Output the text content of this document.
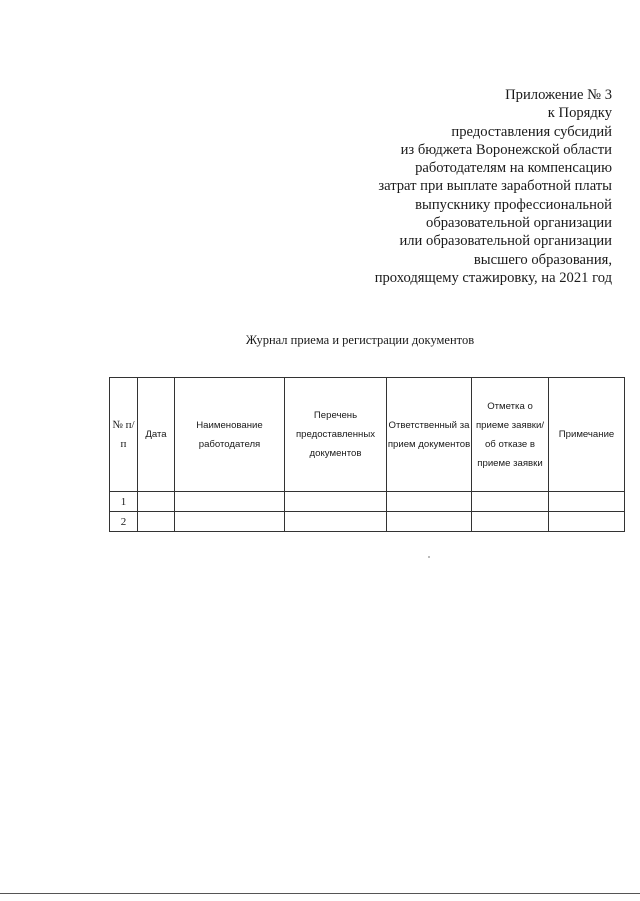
Приложение № 3
к Порядку
предоставления субсидий
из бюджета Воронежской области
работодателям на компенсацию
затрат при выплате заработной платы
выпускнику профессиональной
образовательной организации
или образовательной организации
высшего образования,
проходящему стажировку, на 2021 год
Журнал приема и регистрации документов
№ п/п	Дата	Наименование работодателя	Перечень предоставленных документов	Ответственный за прием документов	Отметка о приеме заявки/ об отказе в приеме заявки	Примечание
1						
2						
